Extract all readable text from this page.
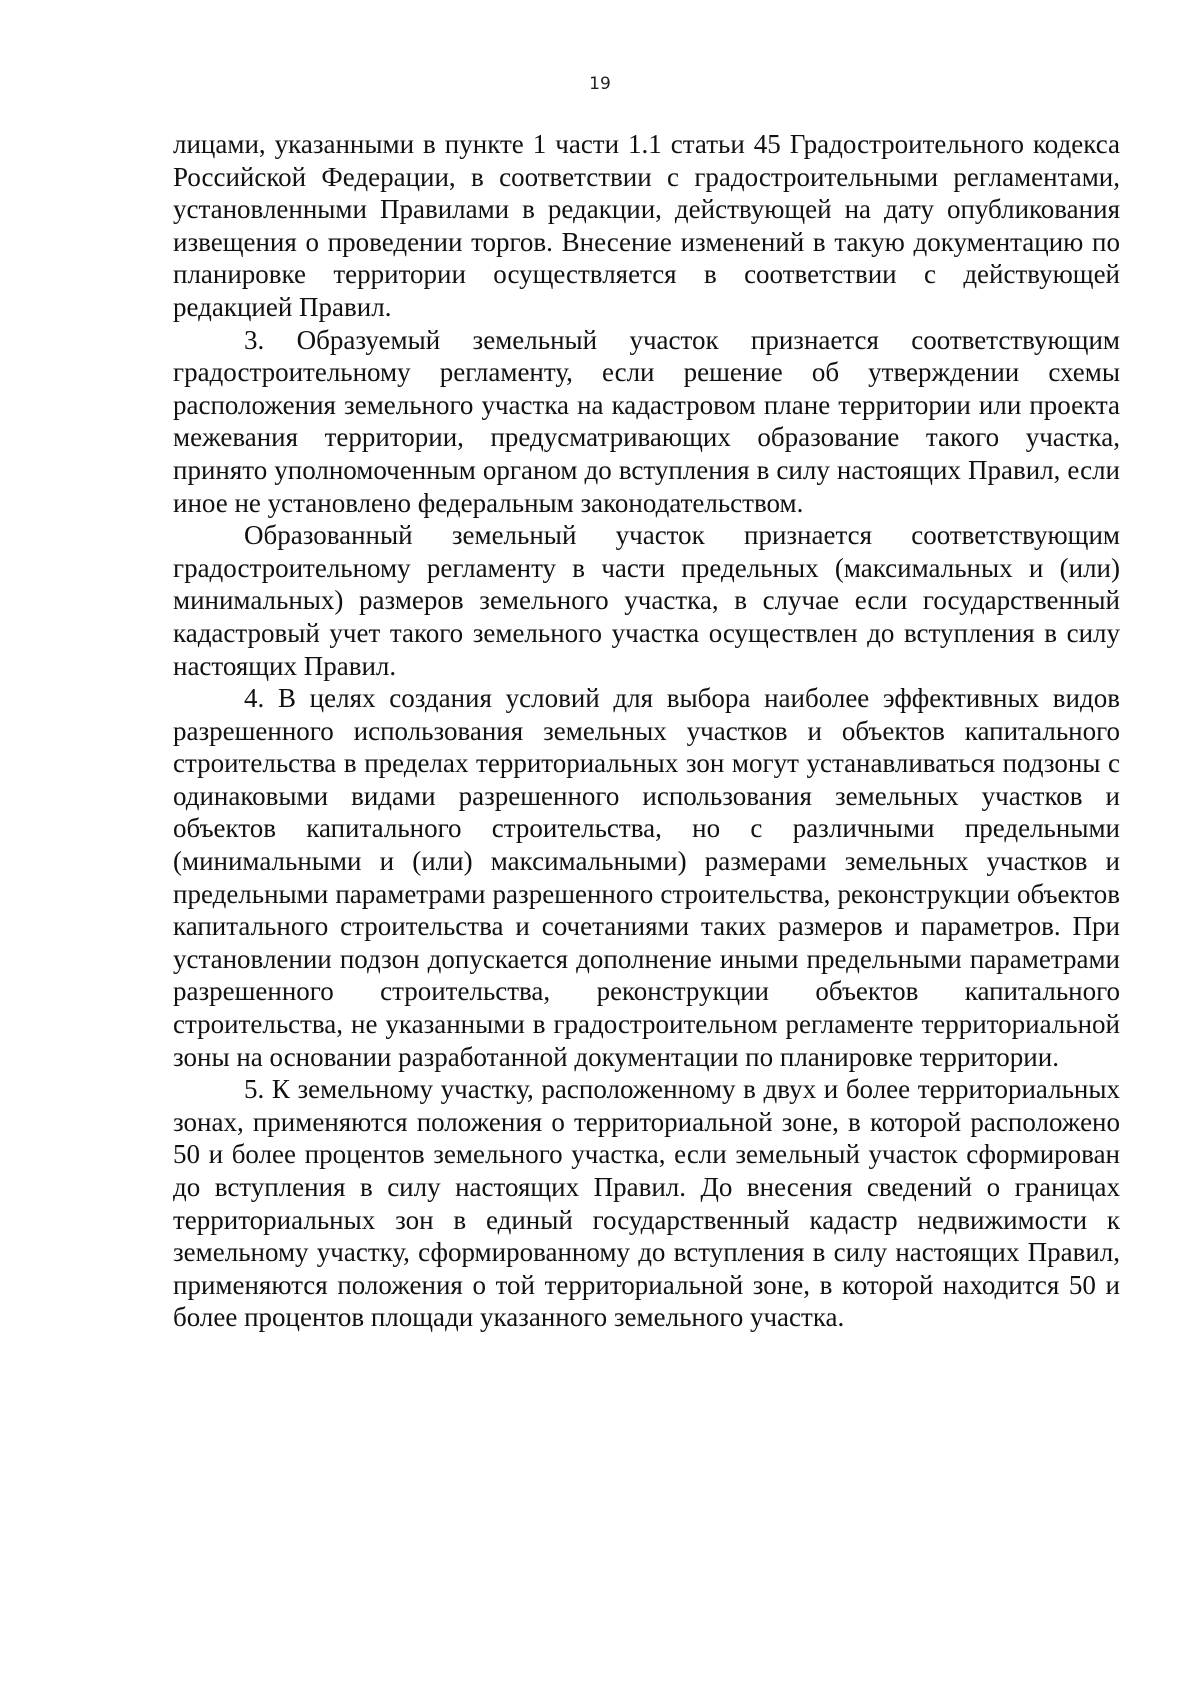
19

лицами, указанными в пункте 1 части 1.1 статьи 45 Градостроительного кодекса Российской Федерации, в соответствии с градостроительными регламентами, установленными Правилами в редакции, действующей на дату опубликования извещения о проведении торгов. Внесение изменений в такую документацию по планировке территории осуществляется в соответствии с действующей редакцией Правил.

3. Образуемый земельный участок признается соответствующим градостроительному регламенту, если решение об утверждении схемы расположения земельного участка на кадастровом плане территории или проекта межевания территории, предусматривающих образование такого участка, принято уполномоченным органом до вступления в силу настоящих Правил, если иное не установлено федеральным законодательством.

Образованный земельный участок признается соответствующим градостроительному регламенту в части предельных (максимальных и (или) минимальных) размеров земельного участка, в случае если государственный кадастровый учет такого земельного участка осуществлен до вступления в силу настоящих Правил.

4. В целях создания условий для выбора наиболее эффективных видов разрешенного использования земельных участков и объектов капитального строительства в пределах территориальных зон могут устанавливаться подзоны с одинаковыми видами разрешенного использования земельных участков и объектов капитального строительства, но с различными предельными (минимальными и (или) максимальными) размерами земельных участков и предельными параметрами разрешенного строительства, реконструкции объектов капитального строительства и сочетаниями таких размеров и параметров. При установлении подзон допускается дополнение иными предельными параметрами разрешенного строительства, реконструкции объектов капитального строительства, не указанными в градостроительном регламенте территориальной зоны на основании разработанной документации по планировке территории.

5. К земельному участку, расположенному в двух и более территориальных зонах, применяются положения о территориальной зоне, в которой расположено 50 и более процентов земельного участка, если земельный участок сформирован до вступления в силу настоящих Правил. До внесения сведений о границах территориальных зон в единый государственный кадастр недвижимости к земельному участку, сформированному до вступления в силу настоящих Правил, применяются положения о той территориальной зоне, в которой находится 50 и более процентов площади указанного земельного участка.
